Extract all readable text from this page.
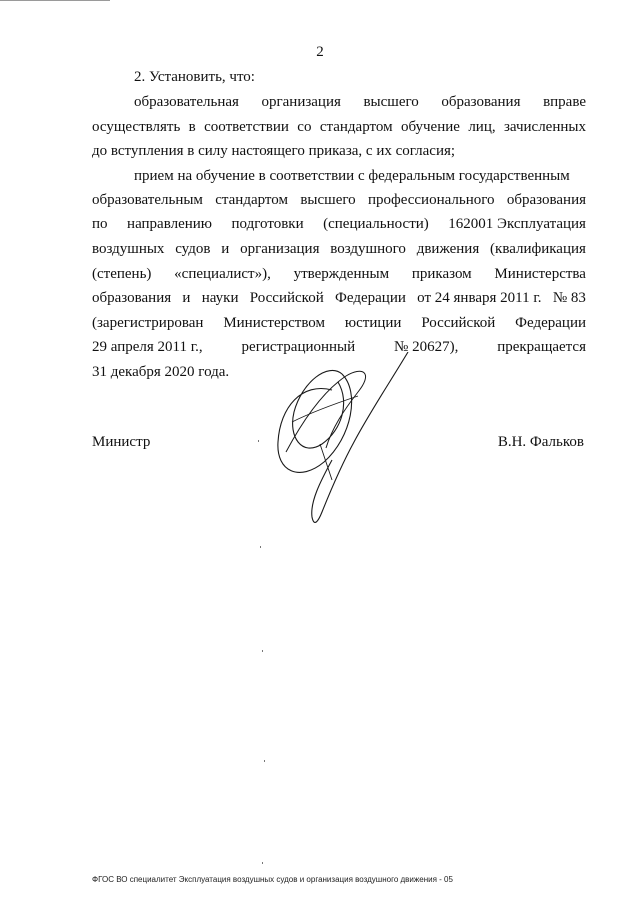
2
2. Установить, что:
образовательная организация высшего образования вправе
осуществлять в соответствии со стандартом обучение лиц, зачисленных
до вступления в силу настоящего приказа, с их согласия;
прием на обучение в соответствии с федеральным государственным
образовательным стандартом высшего профессионального образования
по направлению подготовки (специальности) 162001 Эксплуатация
воздушных судов и организация воздушного движения (квалификация
(степень) «специалист»), утвержденным приказом Министерства
образования и науки Российской Федерации от 24 января 2011 г. № 83
(зарегистрирован Министерством юстиции Российской Федерации
29 апреля 2011 г.,	регистрационный	№ 20627),	прекращается
31 декабря 2020 года.
Министр	В.Н. Фальков
ФГОС ВО специалитет Эксплуатация воздушных судов и организация воздушного движения - 05
